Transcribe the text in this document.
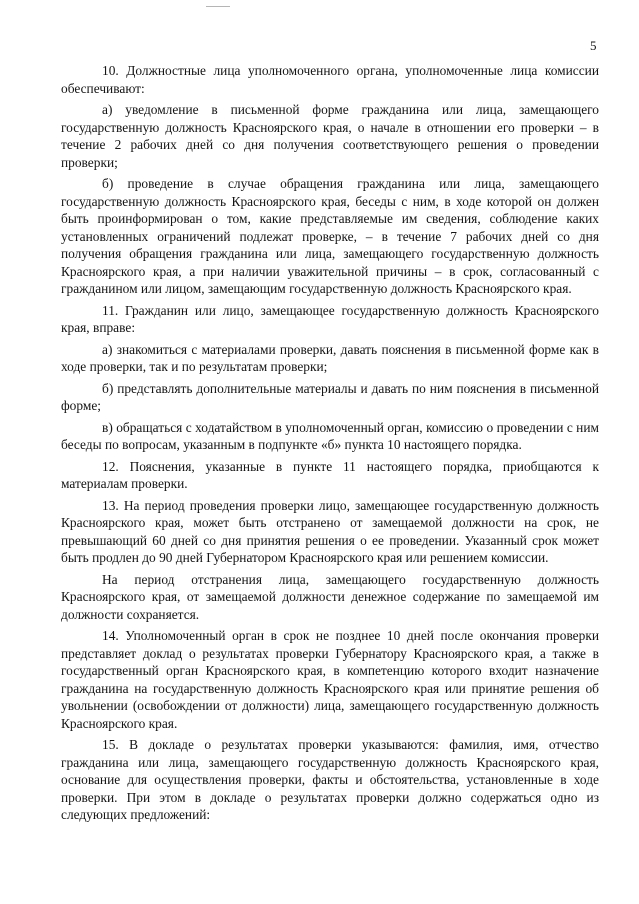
5

10. Должностные лица уполномоченного органа, уполномоченные лица комиссии обеспечивают:

а) уведомление в письменной форме гражданина или лица, замещающего государственную должность Красноярского края, о начале в отношении его проверки – в течение 2 рабочих дней со дня получения соответствующего решения о проведении проверки;

б) проведение в случае обращения гражданина или лица, замещающего государственную должность Красноярского края, беседы с ним, в ходе которой он должен быть проинформирован о том, какие представляемые им сведения, соблюдение каких установленных ограничений подлежат проверке, – в течение 7 рабочих дней со дня получения обращения гражданина или лица, замещающего государственную должность Красноярского края, а при наличии уважительной причины – в срок, согласованный с гражданином или лицом, замещающим государственную должность Красноярского края.

11. Гражданин или лицо, замещающее государственную должность Красноярского края, вправе:

а) знакомиться с материалами проверки, давать пояснения в письменной форме как в ходе проверки, так и по результатам проверки;

б) представлять дополнительные материалы и давать по ним пояснения в письменной форме;

в) обращаться с ходатайством в уполномоченный орган, комиссию о проведении с ним беседы по вопросам, указанным в подпункте «б» пункта 10 настоящего порядка.

12. Пояснения, указанные в пункте 11 настоящего порядка, приобщаются к материалам проверки.

13. На период проведения проверки лицо, замещающее государственную должность Красноярского края, может быть отстранено от замещаемой должности на срок, не превышающий 60 дней со дня принятия решения о ее проведении. Указанный срок может быть продлен до 90 дней Губернатором Красноярского края или решением комиссии.

На период отстранения лица, замещающего государственную должность Красноярского края, от замещаемой должности денежное содержание по замещаемой им должности сохраняется.

14. Уполномоченный орган в срок не позднее 10 дней после окончания проверки представляет доклад о результатах проверки Губернатору Красноярского края, а также в государственный орган Красноярского края, в компетенцию которого входит назначение гражданина на государственную должность Красноярского края или принятие решения об увольнении (освобождении от должности) лица, замещающего государственную должность Красноярского края.

15. В докладе о результатах проверки указываются: фамилия, имя, отчество гражданина или лица, замещающего государственную должность Красноярского края, основание для осуществления проверки, факты и обстоятельства, установленные в ходе проверки. При этом в докладе о результатах проверки должно содержаться одно из следующих предложений:
